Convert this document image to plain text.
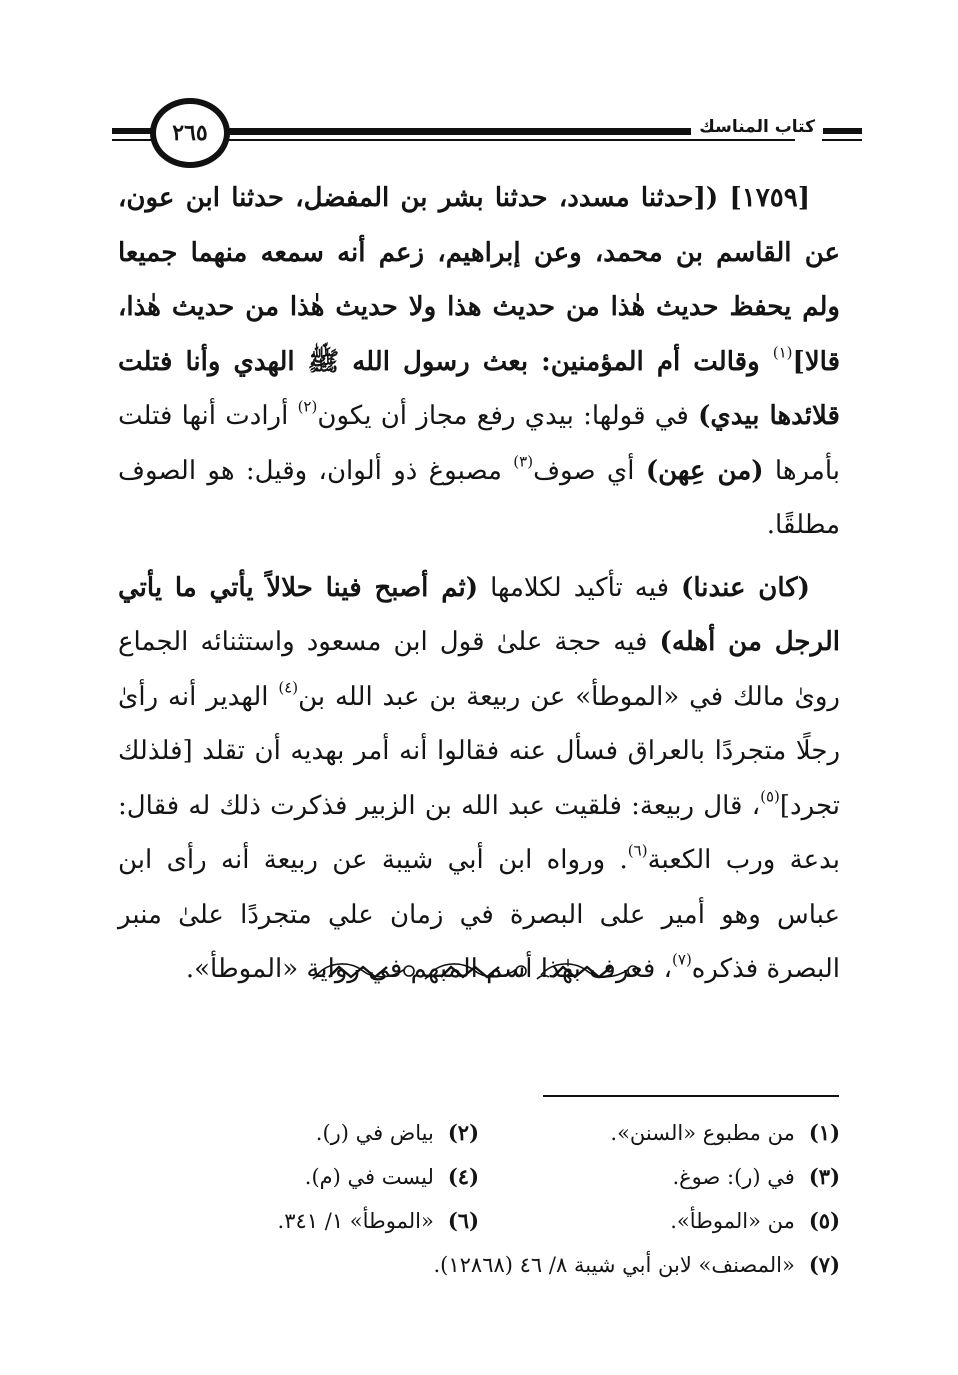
٢٦٥	كتاب المناسك

[١٧٥٩] ([حدثنا مسدد، حدثنا بشر بن المفضل، حدثنا ابن عون، عن القاسم بن محمد، وعن إبراهيم، زعم أنه سمعه منهما جميعا ولم يحفظ حديث هٰذا من حديث هذا ولا حديث هٰذا من حديث هٰذا، قالا]$^{(١)}$ وقالت أم المؤمنين: بعث رسول الله ﷺ الهدي وأنا فتلت قلائدها بيدي) في قولها: بيدي رفع مجاز أن يكون$^{(٢)}$ أرادت أنها فتلت بأمرها (من عِهن) أي صوف$^{(٣)}$ مصبوغ ذو ألوان، وقيل: هو الصوف مطلقًا.

(كان عندنا) فيه تأكيد لكلامها (ثم أصبح فينا حلالاً يأتي ما يأتي الرجل من أهله) فيه حجة علىٰ قول ابن مسعود واستثنائه الجماع روىٰ مالك في «الموطأ» عن ربيعة بن عبد الله بن$^{(٤)}$ الهدير أنه رأىٰ رجلًا متجردًا بالعراق فسأل عنه فقالوا أنه أمر بهديه أن تقلد [فلذلك تجرد]$^{(٥)}$، قال ربيعة: فلقيت عبد الله بن الزبير فذكرت ذلك له فقال: بدعة ورب الكعبة$^{(٦)}$. ورواه ابن أبي شيبة عن ربيعة أنه رأى ابن عباس وهو أمير على البصرة في زمان علي متجردًا علىٰ منبر البصرة فذكره$^{(٧)}$، فعرف بهٰذا أسم المبهم في رواية «الموطأ».

(١)من مطبوع «السنن».
(٢)بياض في (ر).
(٣)في (ر): صوغ.
(٤)ليست في (م).
(٥)من «الموطأ».
(٦)«الموطأ» ١/ ٣٤١.
(٧)«المصنف» لابن أبي شيبة ٨/ ٤٦ (١٢٨٦٨).
